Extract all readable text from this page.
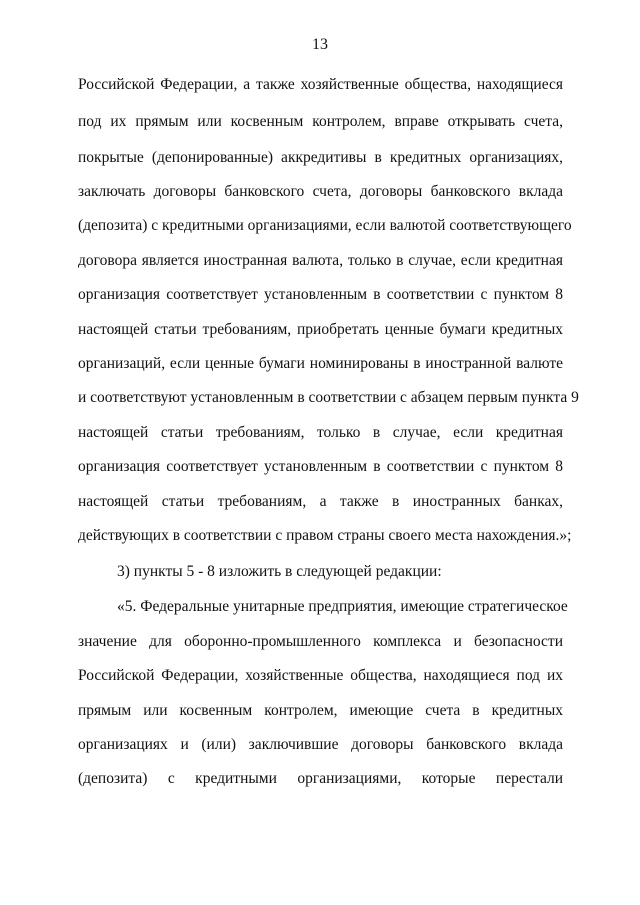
13
Российской Федерации, а также хозяйственные общества, находящиеся
под их прямым или косвенным контролем, вправе открывать счета,
покрытые (депонированные) аккредитивы в кредитных организациях,
заключать договоры банковского счета, договоры банковского вклада
(депозита) с кредитными организациями, если валютой соответствующего
договора является иностранная валюта, только в случае, если кредитная
организация соответствует установленным в соответствии с пунктом 8
настоящей статьи требованиям, приобретать ценные бумаги кредитных
организаций, если ценные бумаги номинированы в иностранной валюте
и соответствуют установленным в соответствии с абзацем первым пункта 9
настоящей статьи требованиям, только в случае, если кредитная
организация соответствует установленным в соответствии с пунктом 8
настоящей статьи требованиям, а также в иностранных банках,
действующих в соответствии с правом страны своего места нахождения.»;
3) пункты 5 - 8 изложить в следующей редакции:
«5. Федеральные унитарные предприятия, имеющие стратегическое
значение для оборонно-промышленного комплекса и безопасности
Российской Федерации, хозяйственные общества, находящиеся под их
прямым или косвенным контролем, имеющие счета в кредитных
организациях и (или) заключившие договоры банковского вклада
(депозита) с кредитными организациями, которые перестали
